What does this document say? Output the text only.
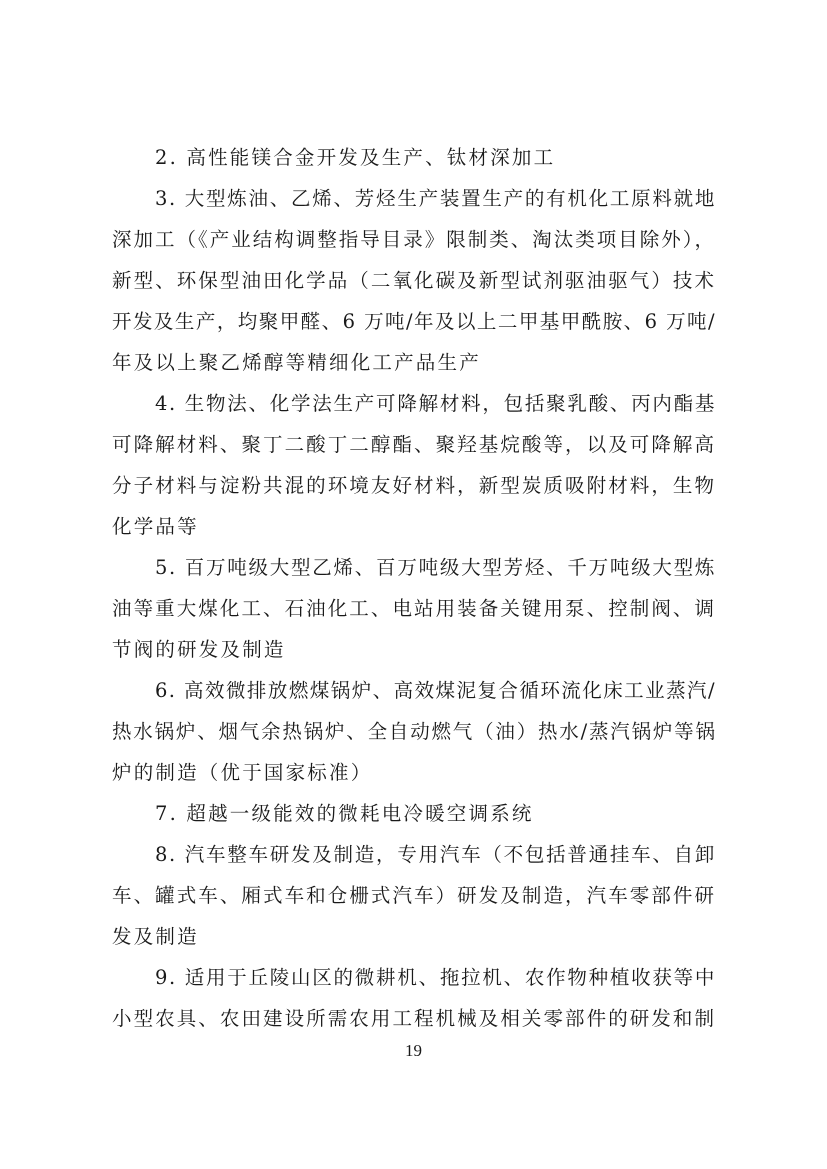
2. 高性能镁合金开发及生产、钛材深加工
3. 大型炼油、乙烯、芳烃生产装置生产的有机化工原料就地
深加工（《产业结构调整指导目录》限制类、淘汰类项目除外），
新型、环保型油田化学品（二氧化碳及新型试剂驱油驱气）技术
开发及生产，均聚甲醛、6 万吨/年及以上二甲基甲酰胺、6 万吨/
年及以上聚乙烯醇等精细化工产品生产
4. 生物法、化学法生产可降解材料，包括聚乳酸、丙内酯基
可降解材料、聚丁二酸丁二醇酯、聚羟基烷酸等，以及可降解高
分子材料与淀粉共混的环境友好材料，新型炭质吸附材料，生物
化学品等
5. 百万吨级大型乙烯、百万吨级大型芳烃、千万吨级大型炼
油等重大煤化工、石油化工、电站用装备关键用泵、控制阀、调
节阀的研发及制造
6. 高效微排放燃煤锅炉、高效煤泥复合循环流化床工业蒸汽/
热水锅炉、烟气余热锅炉、全自动燃气（油）热水/蒸汽锅炉等锅
炉的制造（优于国家标准）
7. 超越一级能效的微耗电冷暖空调系统
8. 汽车整车研发及制造，专用汽车（不包括普通挂车、自卸
车、罐式车、厢式车和仓栅式汽车）研发及制造，汽车零部件研
发及制造
9. 适用于丘陵山区的微耕机、拖拉机、农作物种植收获等中
小型农具、农田建设所需农用工程机械及相关零部件的研发和制
19
